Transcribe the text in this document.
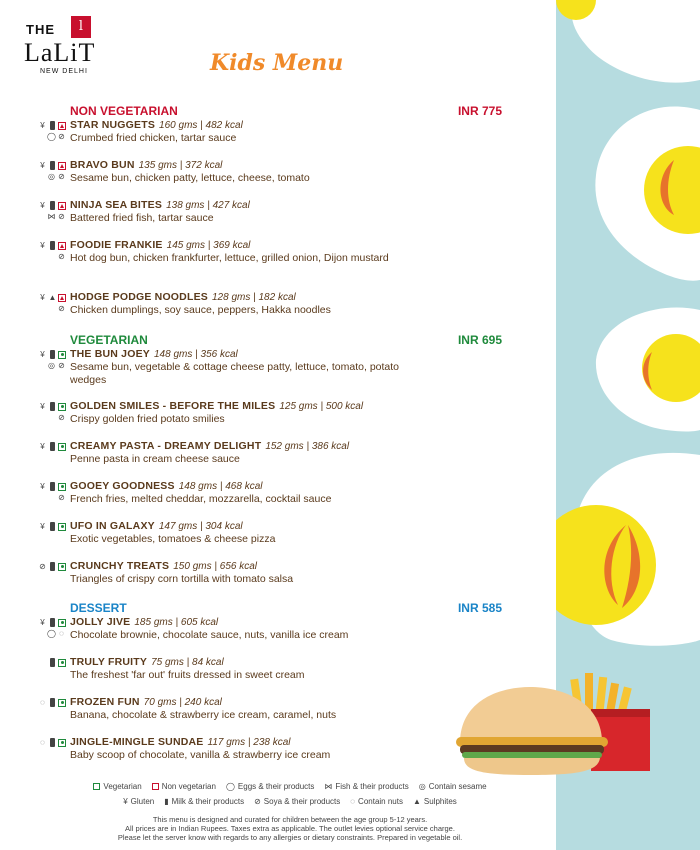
THE	l
LaLiT
NEW DELHI	Kids Menu
NON VEGETARIAN	INR 775
VEGETARIAN	INR 695
DESSERT	INR 585
¥
◯ ⊘
STAR NUGGETS 160 gms | 482 kcal
Crumbed fried chicken, tartar sauce
¥
◎ ⊘
BRAVO BUN 135 gms | 372 kcal
Sesame bun, chicken patty, lettuce, cheese, tomato
¥
⋈ ⊘
NINJA SEA BITES 138 gms | 427 kcal
Battered fried fish, tartar sauce
¥
⊘
FOODIE FRANKIE 145 gms | 369 kcal
Hot dog bun, chicken frankfurter, lettuce, grilled onion, Dijon mustard
¥ ▲
⊘
HODGE PODGE NOODLES 128 gms | 182 kcal
Chicken dumplings, soy sauce, peppers, Hakka noodles
¥
◎ ⊘
THE BUN JOEY 148 gms | 356 kcal
Sesame bun, vegetable & cottage cheese patty, lettuce, tomato, potato wedges
¥
⊘
GOLDEN SMILES - BEFORE THE MILES 125 gms | 500 kcal
Crispy golden fried potato smilies
¥ CREAMY PASTA - DREAMY DELIGHT 152 gms | 386 kcal
Penne pasta in cream cheese sauce
¥
⊘
GOOEY GOODNESS 148 gms | 468 kcal
French fries, melted cheddar, mozzarella, cocktail sauce
¥ UFO IN GALAXY 147 gms | 304 kcal
Exotic vegetables, tomatoes & cheese pizza
⊘ CRUNCHY TREATS 150 gms | 656 kcal
Triangles of crispy corn tortilla with tomato salsa
¥
◯ ◌
JOLLY JIVE 185 gms | 605 kcal
Chocolate brownie, chocolate sauce, nuts, vanilla ice cream
TRULY FRUITY 75 gms | 84 kcal
The freshest 'far out' fruits dressed in sweet cream
◌ FROZEN FUN 70 gms | 240 kcal
Banana, chocolate & strawberry ice cream, caramel, nuts
◌ JINGLE-MINGLE SUNDAE 117 gms | 238 kcal
Baby scoop of chocolate, vanilla & strawberry ice cream
Vegetarian	Non vegetarian ◯ Eggs & their products ⋈ Fish & their products ◎ Contain sesame
¥ Gluten ▮ Milk & their products ⊘ Soya & their products ◌ Contain nuts ▲ Sulphites
This menu is designed and curated for children between the age group 5-12 years.
All prices are in Indian Rupees. Taxes extra as applicable. The outlet levies optional service charge.
Please let the server know with regards to any allergies or dietary constraints. Prepared in vegetable oil.
